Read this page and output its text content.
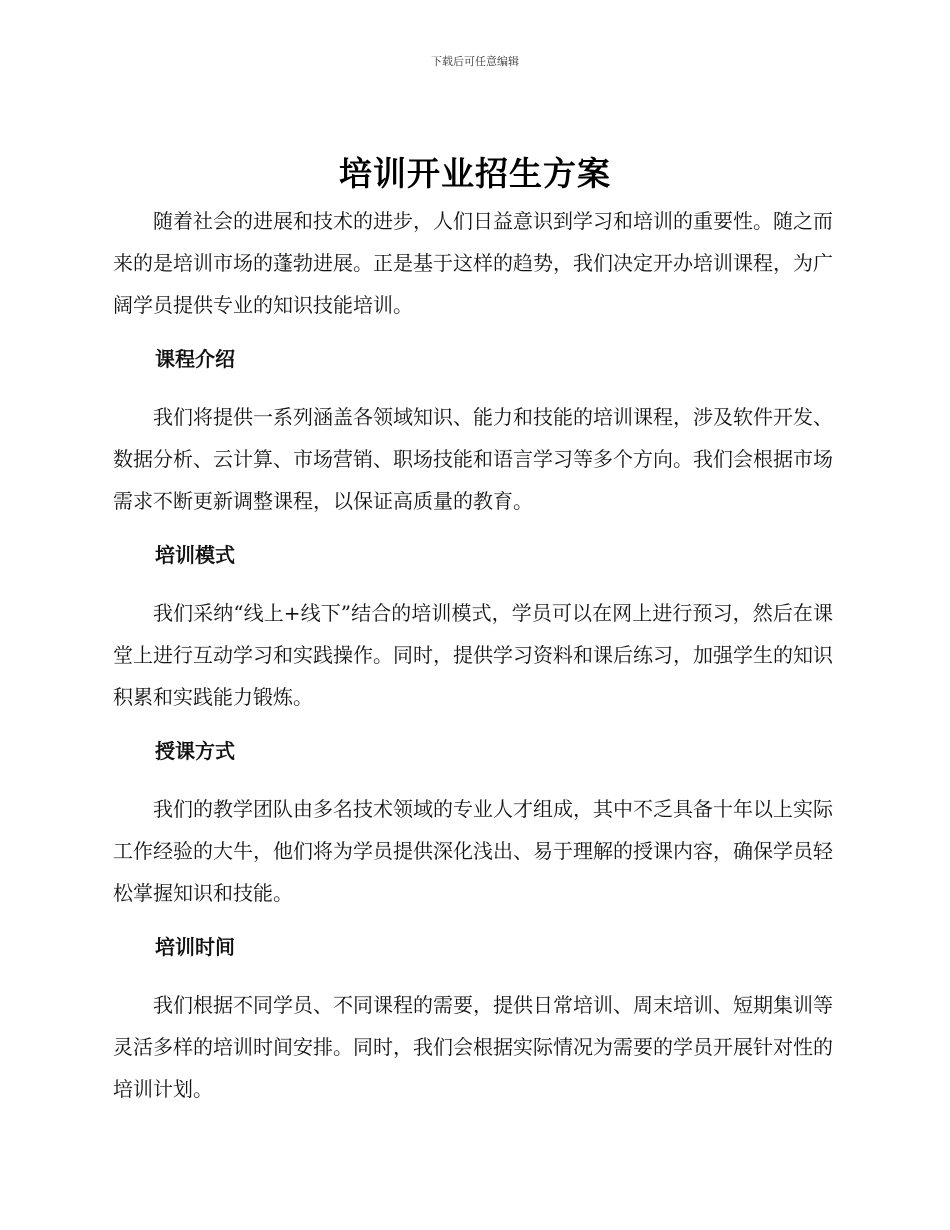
下载后可任意编辑
培训开业招生方案

随着社会的进展和技术的进步，人们日益意识到学习和培训的重要性。随之而来的是培训市场的蓬勃进展。正是基于这样的趋势，我们决定开办培训课程，为广阔学员提供专业的知识技能培训。

课程介绍

我们将提供一系列涵盖各领域知识、能力和技能的培训课程，涉及软件开发、数据分析、云计算、市场营销、职场技能和语言学习等多个方向。我们会根据市场需求不断更新调整课程，以保证高质量的教育。

培训模式

我们采纳“线上+线下”结合的培训模式，学员可以在网上进行预习，然后在课堂上进行互动学习和实践操作。同时，提供学习资料和课后练习，加强学生的知识积累和实践能力锻炼。

授课方式

我们的教学团队由多名技术领域的专业人才组成，其中不乏具备十年以上实际工作经验的大牛，他们将为学员提供深化浅出、易于理解的授课内容，确保学员轻松掌握知识和技能。

培训时间

我们根据不同学员、不同课程的需要，提供日常培训、周末培训、短期集训等灵活多样的培训时间安排。同时，我们会根据实际情况为需要的学员开展针对性的培训计划。
